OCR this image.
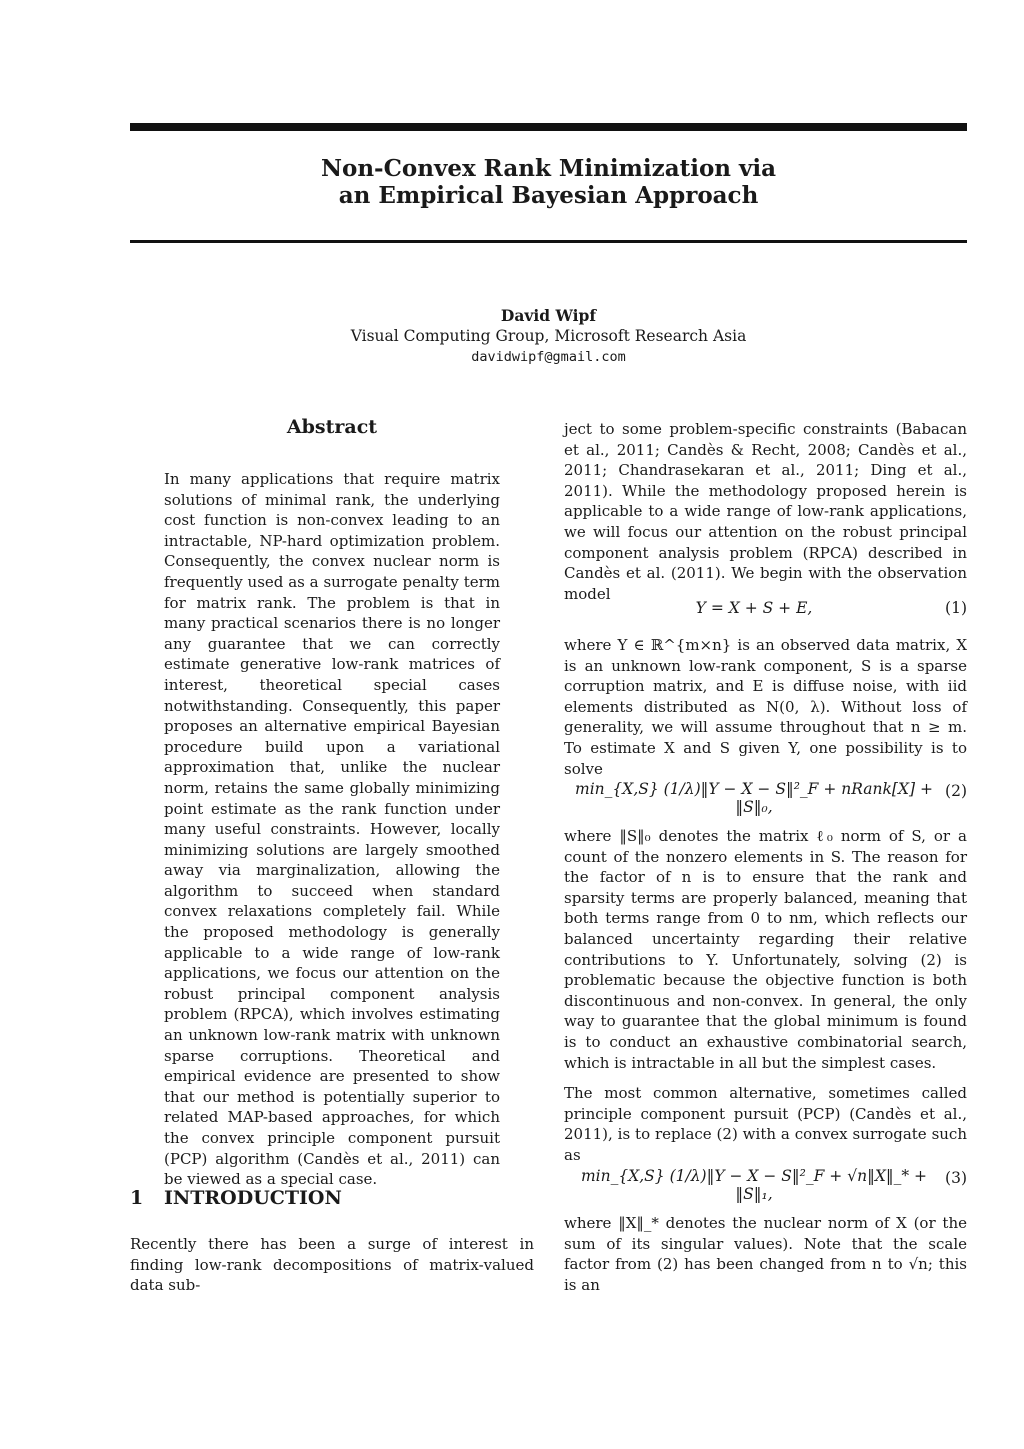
Non-Convex Rank Minimization via
an Empirical Bayesian Approach
David Wipf
Visual Computing Group, Microsoft Research Asia
davidwipf@gmail.com
Abstract

In many applications that require matrix solutions of minimal rank, the underlying cost function is non-convex leading to an intractable, NP-hard optimization problem. Consequently, the convex nuclear norm is frequently used as a surrogate penalty term for matrix rank. The problem is that in many practical scenarios there is no longer any guarantee that we can correctly estimate generative low-rank matrices of interest, theoretical special cases notwithstanding. Consequently, this paper proposes an alternative empirical Bayesian procedure build upon a variational approximation that, unlike the nuclear norm, retains the same globally minimizing point estimate as the rank function under many useful constraints. However, locally minimizing solutions are largely smoothed away via marginalization, allowing the algorithm to succeed when standard convex relaxations completely fail. While the proposed methodology is generally applicable to a wide range of low-rank applications, we focus our attention on the robust principal component analysis problem (RPCA), which involves estimating an unknown low-rank matrix with unknown sparse corruptions. Theoretical and empirical evidence are presented to show that our method is potentially superior to related MAP-based approaches, for which the convex principle component pursuit (PCP) algorithm (Candès et al., 2011) can be viewed as a special case.

1 INTRODUCTION

Recently there has been a surge of interest in finding low-rank decompositions of matrix-valued data sub-

ject to some problem-specific constraints (Babacan et al., 2011; Candès & Recht, 2008; Candès et al., 2011; Chandrasekaran et al., 2011; Ding et al., 2011). While the methodology proposed herein is applicable to a wide range of low-rank applications, we will focus our attention on the robust principal component analysis problem (RPCA) described in Candès et al. (2011). We begin with the observation model

Y = X + S + E,	(1)

where Y ∈ ℝ^{m×n} is an observed data matrix, X is an unknown low-rank component, S is a sparse corruption matrix, and E is diffuse noise, with iid elements distributed as N(0, λ). Without loss of generality, we will assume throughout that n ≥ m. To estimate X and S given Y, one possibility is to solve

min_{X,S} (1/λ)‖Y − X − S‖²_F + nRank[X] + ‖S‖₀,
(2)

where ‖S‖₀ denotes the matrix ℓ₀ norm of S, or a count of the nonzero elements in S. The reason for the factor of n is to ensure that the rank and sparsity terms are properly balanced, meaning that both terms range from 0 to nm, which reflects our balanced uncertainty regarding their relative contributions to Y. Unfortunately, solving (2) is problematic because the objective function is both discontinuous and non-convex. In general, the only way to guarantee that the global minimum is found is to conduct an exhaustive combinatorial search, which is intractable in all but the simplest cases.

The most common alternative, sometimes called principle component pursuit (PCP) (Candès et al., 2011), is to replace (2) with a convex surrogate such as

min_{X,S} (1/λ)‖Y − X − S‖²_F + √n‖X‖_* + ‖S‖₁,
(3)

where ‖X‖_* denotes the nuclear norm of X (or the sum of its singular values). Note that the scale factor from (2) has been changed from n to √n; this is an
